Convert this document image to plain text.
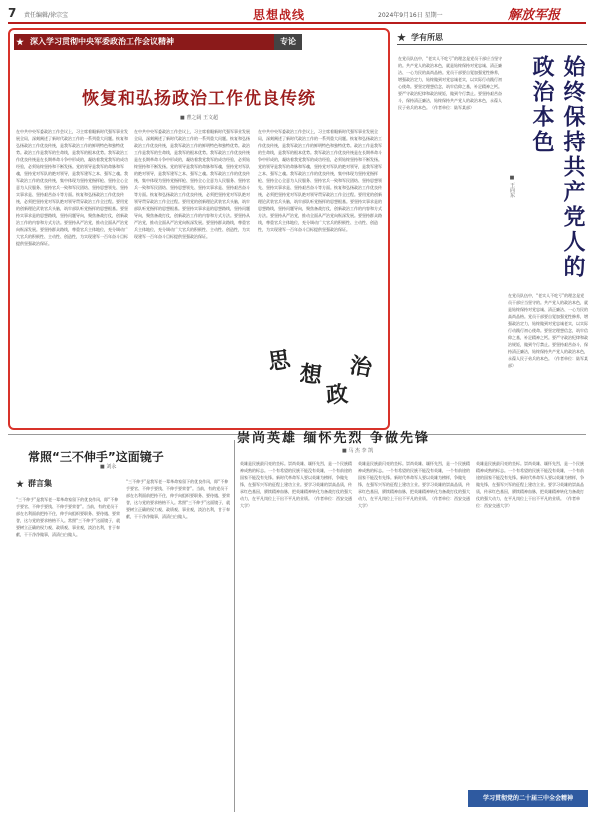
7 责任编辑/徐宗宝	思想战线	2024年9月16日 星期一	解放军报
深入学习贯彻中央军委政治工作会议精神	专论
恢复和弘扬政治工作优良传统
■ 曹之阔 王文超
在中共中央军委政治工作会议上，习主席着眼新时代强军事业发展全局，深刻阐述了新时代政治工作的一系列重大问题。恢复和弘扬政治工作优良传统，是我军政治工作的鲜明特色和独特优势。政治工作是我军的生命线，是我军的根本优势。我军政治工作优良传统是在长期革命斗争中形成的，凝结着我党我军的成功经验，必须始终坚持和不断发扬。党的领导是我军的命脉和军魂，坚持党对军队的绝对领导，是我军建军之本、强军之魂。我军政治工作的优良传统，集中体现为坚持党指挥枪、坚持全心全意为人民服务、坚持官兵一致和军民团结、坚持思想领先、坚持实事求是、坚持艰苦奋斗等方面。恢复和弘扬政治工作优良传统，必须把坚持党对军队绝对领导贯穿政治工作全过程。要用党的创新理论武装官兵头脑，筑牢部队听党指挥的思想根基。要坚持实事求是的思想路线，坚持问题导向，聚焦备战打仗，创新政治工作的内容和方式方法。要坚持从严治党，推动全面从严治党向纵深发展。要坚持群众路线，尊重官兵主体地位，充分调动广大官兵的积极性、主动性、创造性，为实现建军一百年奋斗目标提供坚强政治保证。
在中共中央军委政治工作会议上，习主席着眼新时代强军事业发展全局，深刻阐述了新时代政治工作的一系列重大问题。恢复和弘扬政治工作优良传统，是我军政治工作的鲜明特色和独特优势。政治工作是我军的生命线，是我军的根本优势。我军政治工作优良传统是在长期革命斗争中形成的，凝结着我党我军的成功经验，必须始终坚持和不断发扬。党的领导是我军的命脉和军魂，坚持党对军队的绝对领导，是我军建军之本、强军之魂。我军政治工作的优良传统，集中体现为坚持党指挥枪、坚持全心全意为人民服务、坚持官兵一致和军民团结、坚持思想领先、坚持实事求是、坚持艰苦奋斗等方面。恢复和弘扬政治工作优良传统，必须把坚持党对军队绝对领导贯穿政治工作全过程。要用党的创新理论武装官兵头脑，筑牢部队听党指挥的思想根基。要坚持实事求是的思想路线，坚持问题导向，聚焦备战打仗，创新政治工作的内容和方式方法。要坚持从严治党，推动全面从严治党向纵深发展。要坚持群众路线，尊重官兵主体地位，充分调动广大官兵的积极性、主动性、创造性，为实现建军一百年奋斗目标提供坚强政治保证。
在中共中央军委政治工作会议上，习主席着眼新时代强军事业发展全局，深刻阐述了新时代政治工作的一系列重大问题。恢复和弘扬政治工作优良传统，是我军政治工作的鲜明特色和独特优势。政治工作是我军的生命线，是我军的根本优势。我军政治工作优良传统是在长期革命斗争中形成的，凝结着我党我军的成功经验，必须始终坚持和不断发扬。党的领导是我军的命脉和军魂，坚持党对军队的绝对领导，是我军建军之本、强军之魂。我军政治工作的优良传统，集中体现为坚持党指挥枪、坚持全心全意为人民服务、坚持官兵一致和军民团结、坚持思想领先、坚持实事求是、坚持艰苦奋斗等方面。恢复和弘扬政治工作优良传统，必须把坚持党对军队绝对领导贯穿政治工作全过程。要用党的创新理论武装官兵头脑，筑牢部队听党指挥的思想根基。要坚持实事求是的思想路线，坚持问题导向，聚焦备战打仗，创新政治工作的内容和方式方法。要坚持从严治党，推动全面从严治党向纵深发展。要坚持群众路线，尊重官兵主体地位，充分调动广大官兵的积极性、主动性、创造性，为实现建军一百年奋斗目标提供坚强政治保证。
思 想
政
治
学有所思
始终保持共产党人的政治本色
■ 王向东
在党员队伍中，“老实人不吃亏”的理念是党员干部应当坚守的。共产党人的政治本色，就是始终保持对党忠诚、清正廉洁、一心为民的高尚品格。党员干部要自觉加强党性修养，增强政治定力，始终做到对党忠诚老实，以实际行动践行初心使命。要坚定理想信念，筑牢信仰之基，补足精神之钙。要严守政治纪律和政治规矩，做到令行禁止。要坚持艰苦奋斗，保持清正廉洁，始终保持共产党人的政治本色，永葆人民子弟兵的本色。（作者单位：陆军某部）
在党员队伍中，“老实人不吃亏”的理念是党员干部应当坚守的。共产党人的政治本色，就是始终保持对党忠诚、清正廉洁、一心为民的高尚品格。党员干部要自觉加强党性修养，增强政治定力，始终做到对党忠诚老实，以实际行动践行初心使命。要坚定理想信念，筑牢信仰之基，补足精神之钙。要严守政治纪律和政治规矩，做到令行禁止。要坚持艰苦奋斗，保持清正廉洁，始终保持共产党人的政治本色，永葆人民子弟兵的本色。（作者单位：陆军某部）
常照“三不伸手”这面镜子
■ 刘永
群言集
“三不伸手”是我军老一辈革命家留下的优良作风，即“不伸手要官、不伸手要钱、不伸手要荣誉”。当前，有的党员干部在名利面前把持不住，伸手向组织要职务、要待遇、要荣誉，这与党的要求格格不入。常照“三不伸手”这面镜子，就要树立正确的权力观、政绩观、事业观，淡泊名利，甘于奉献，干干净净做事，清清白白做人。
“三不伸手”是我军老一辈革命家留下的优良作风，即“不伸手要官、不伸手要钱、不伸手要荣誉”。当前，有的党员干部在名利面前把持不住，伸手向组织要职务、要待遇、要荣誉，这与党的要求格格不入。常照“三不伸手”这面镜子，就要树立正确的权力观、政绩观、事业观，淡泊名利，甘于奉献，干干净净做事，清清白白做人。
崇尚英雄 缅怀先烈 争做先锋
■ 马 杰 李 凯
英雄是民族最闪亮的坐标。崇尚英雄、缅怀先烈，是一个民族精神成熟的标志。一个有希望的民族不能没有英雄，一个有前途的国家不能没有先锋。新时代革命军人要以英雄为榜样，争做先锋，在强军兴军的征程上建功立业。要学习英雄的崇高品质，传承红色基因，赓续精神血脉，把英雄精神转化为备战打仗的强大动力，在平凡岗位上干出不平凡的业绩。（作者单位：西安交通大学）
英雄是民族最闪亮的坐标。崇尚英雄、缅怀先烈，是一个民族精神成熟的标志。一个有希望的民族不能没有英雄，一个有前途的国家不能没有先锋。新时代革命军人要以英雄为榜样，争做先锋，在强军兴军的征程上建功立业。要学习英雄的崇高品质，传承红色基因，赓续精神血脉，把英雄精神转化为备战打仗的强大动力，在平凡岗位上干出不平凡的业绩。（作者单位：西安交通大学）
英雄是民族最闪亮的坐标。崇尚英雄、缅怀先烈，是一个民族精神成熟的标志。一个有希望的民族不能没有英雄，一个有前途的国家不能没有先锋。新时代革命军人要以英雄为榜样，争做先锋，在强军兴军的征程上建功立业。要学习英雄的崇高品质，传承红色基因，赓续精神血脉，把英雄精神转化为备战打仗的强大动力，在平凡岗位上干出不平凡的业绩。（作者单位：西安交通大学）
学习贯彻党的二十届三中全会精神
